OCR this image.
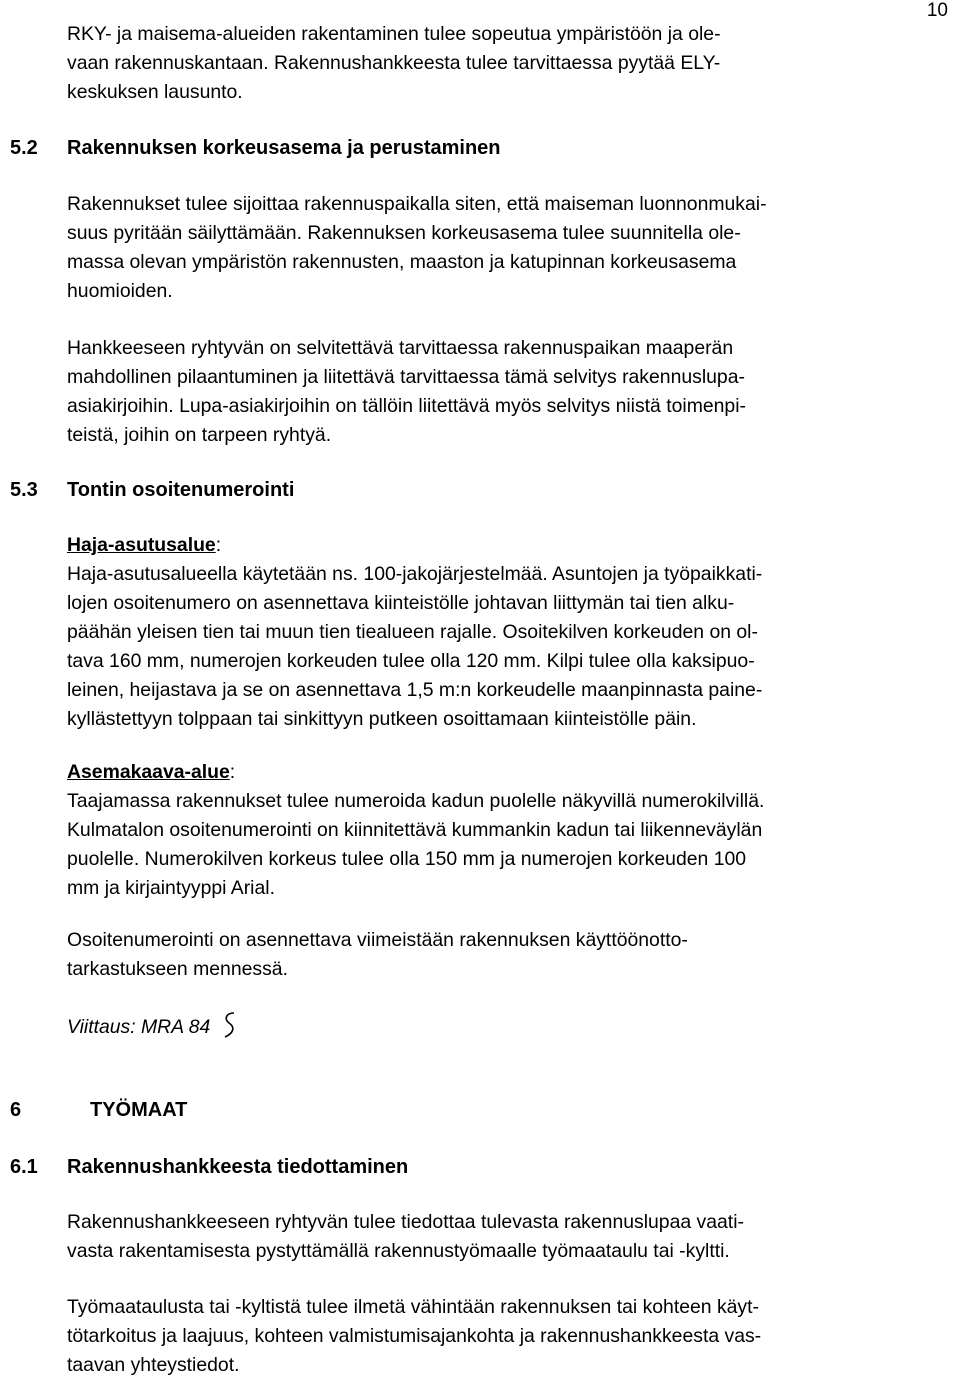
10
RKY- ja maisema-alueiden rakentaminen tulee sopeutua ympäristöön ja ole-
vaan rakennuskantaan. Rakennushankkeesta tulee tarvittaessa pyytää ELY-
keskuksen lausunto.
5.2 Rakennuksen korkeusasema ja perustaminen
Rakennukset tulee sijoittaa rakennuspaikalla siten, että maiseman luonnonmukai-
suus pyritään säilyttämään. Rakennuksen korkeusasema tulee suunnitella ole-
massa olevan ympäristön rakennusten, maaston ja katupinnan korkeusasema
huomioiden.
Hankkeeseen ryhtyvän on selvitettävä tarvittaessa rakennuspaikan maaperän
mahdollinen pilaantuminen ja liitettävä tarvittaessa tämä selvitys rakennuslupa-
asiakirjoihin. Lupa-asiakirjoihin on tällöin liitettävä myös selvitys niistä toimenpi-
teistä, joihin on tarpeen ryhtyä.
5.3 Tontin osoitenumerointi
Haja-asutusalue:
Haja-asutusalueella käytetään ns. 100-jakojärjestelmää. Asuntojen ja työpaikkati-
lojen osoitenumero on asennettava kiinteistölle johtavan liittymän tai tien alku-
päähän yleisen tien tai muun tien tiealueen rajalle. Osoitekilven korkeuden on ol-
tava 160 mm, numerojen korkeuden tulee olla 120 mm. Kilpi tulee olla kaksipuo-
leinen, heijastava ja se on asennettava 1,5 m:n korkeudelle maanpinnasta paine-
kyllästettyyn tolppaan tai sinkittyyn putkeen osoittamaan kiinteistölle päin.
Asemakaava-alue:
Taajamassa rakennukset tulee numeroida kadun puolelle näkyvillä numerokilvillä.
Kulmatalon osoitenumerointi on kiinnitettävä kummankin kadun tai liikenneväylän
puolelle. Numerokilven korkeus tulee olla 150 mm ja numerojen korkeuden 100
mm ja kirjaintyyppi Arial.
Osoitenumerointi on asennettava viimeistään rakennuksen käyttöönotto-
tarkastukseen mennessä.
Viittaus: MRA 84
6	TYÖMAAT
6.1 Rakennushankkeesta tiedottaminen
Rakennushankkeeseen ryhtyvän tulee tiedottaa tulevasta rakennuslupaa vaati-
vasta rakentamisesta pystyttämällä rakennustyömaalle työmaataulu tai -kyltti.
Työmaataulusta tai -kyltistä tulee ilmetä vähintään rakennuksen tai kohteen käyt-
tötarkoitus ja laajuus, kohteen valmistumisajankohta ja rakennushankkeesta vas-
taavan yhteystiedot.
